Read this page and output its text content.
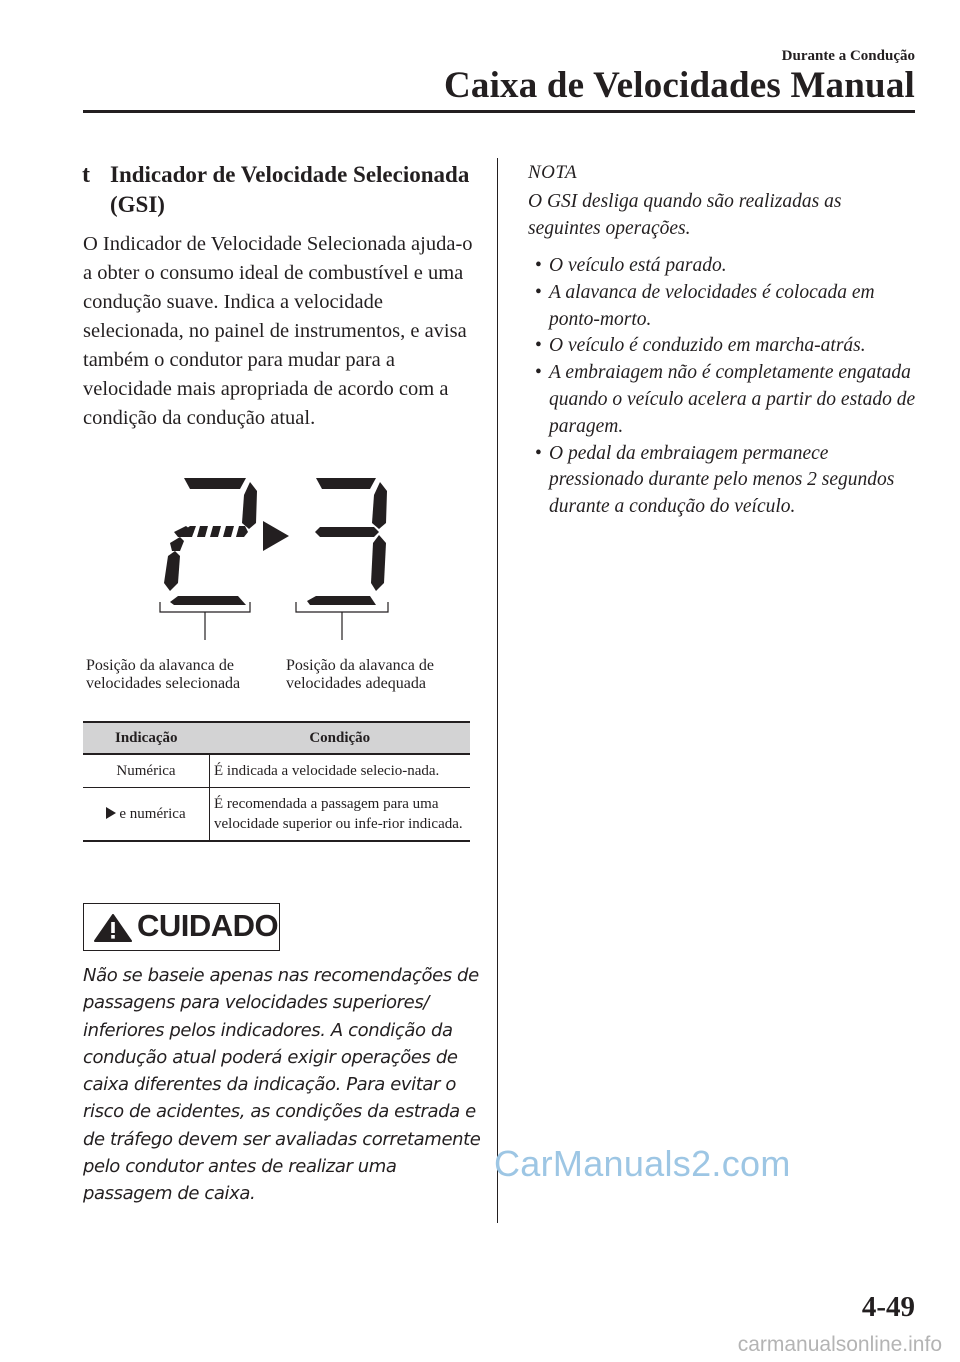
Durante a Condução
Caixa de Velocidades Manual
t Indicador de Velocidade Selecionada (GSI)
O Indicador de Velocidade Selecionada ajuda-o a obter o consumo ideal de combustível e uma condução suave. Indica a velocidade selecionada, no painel de instrumentos, e avisa também o condutor para mudar para a velocidade mais apropriada de acordo com a condição da condução atual.
Posição da alavanca de
velocidades selecionada
Posição da alavanca de
velocidades adequada
Indicação	Condição
Numérica	É indicada a velocidade selecio-nada.
e numérica	É recomendada a passagem para uma velocidade superior ou infe-rior indicada.
CUIDADO
Não se baseie apenas nas recomendações de passagens para velocidades superiores/ inferiores pelos indicadores. A condição da condução atual poderá exigir operações de caixa diferentes da indicação. Para evitar o risco de acidentes, as condições da estrada e de tráfego devem ser avaliadas corretamente pelo condutor antes de realizar uma passagem de caixa.
NOTA
O GSI desliga quando são realizadas as seguintes operações.
• O veículo está parado.
• A alavanca de velocidades é colocada em ponto-morto.
• O veículo é conduzido em marcha-atrás.
• A embraiagem não é completamente engatada quando o veículo acelera a partir do estado de paragem.
• O pedal da embraiagem permanece pressionado durante pelo menos 2 segundos durante a condução do veículo.
CarManuals2.com
4-49
carmanualsonline.info
